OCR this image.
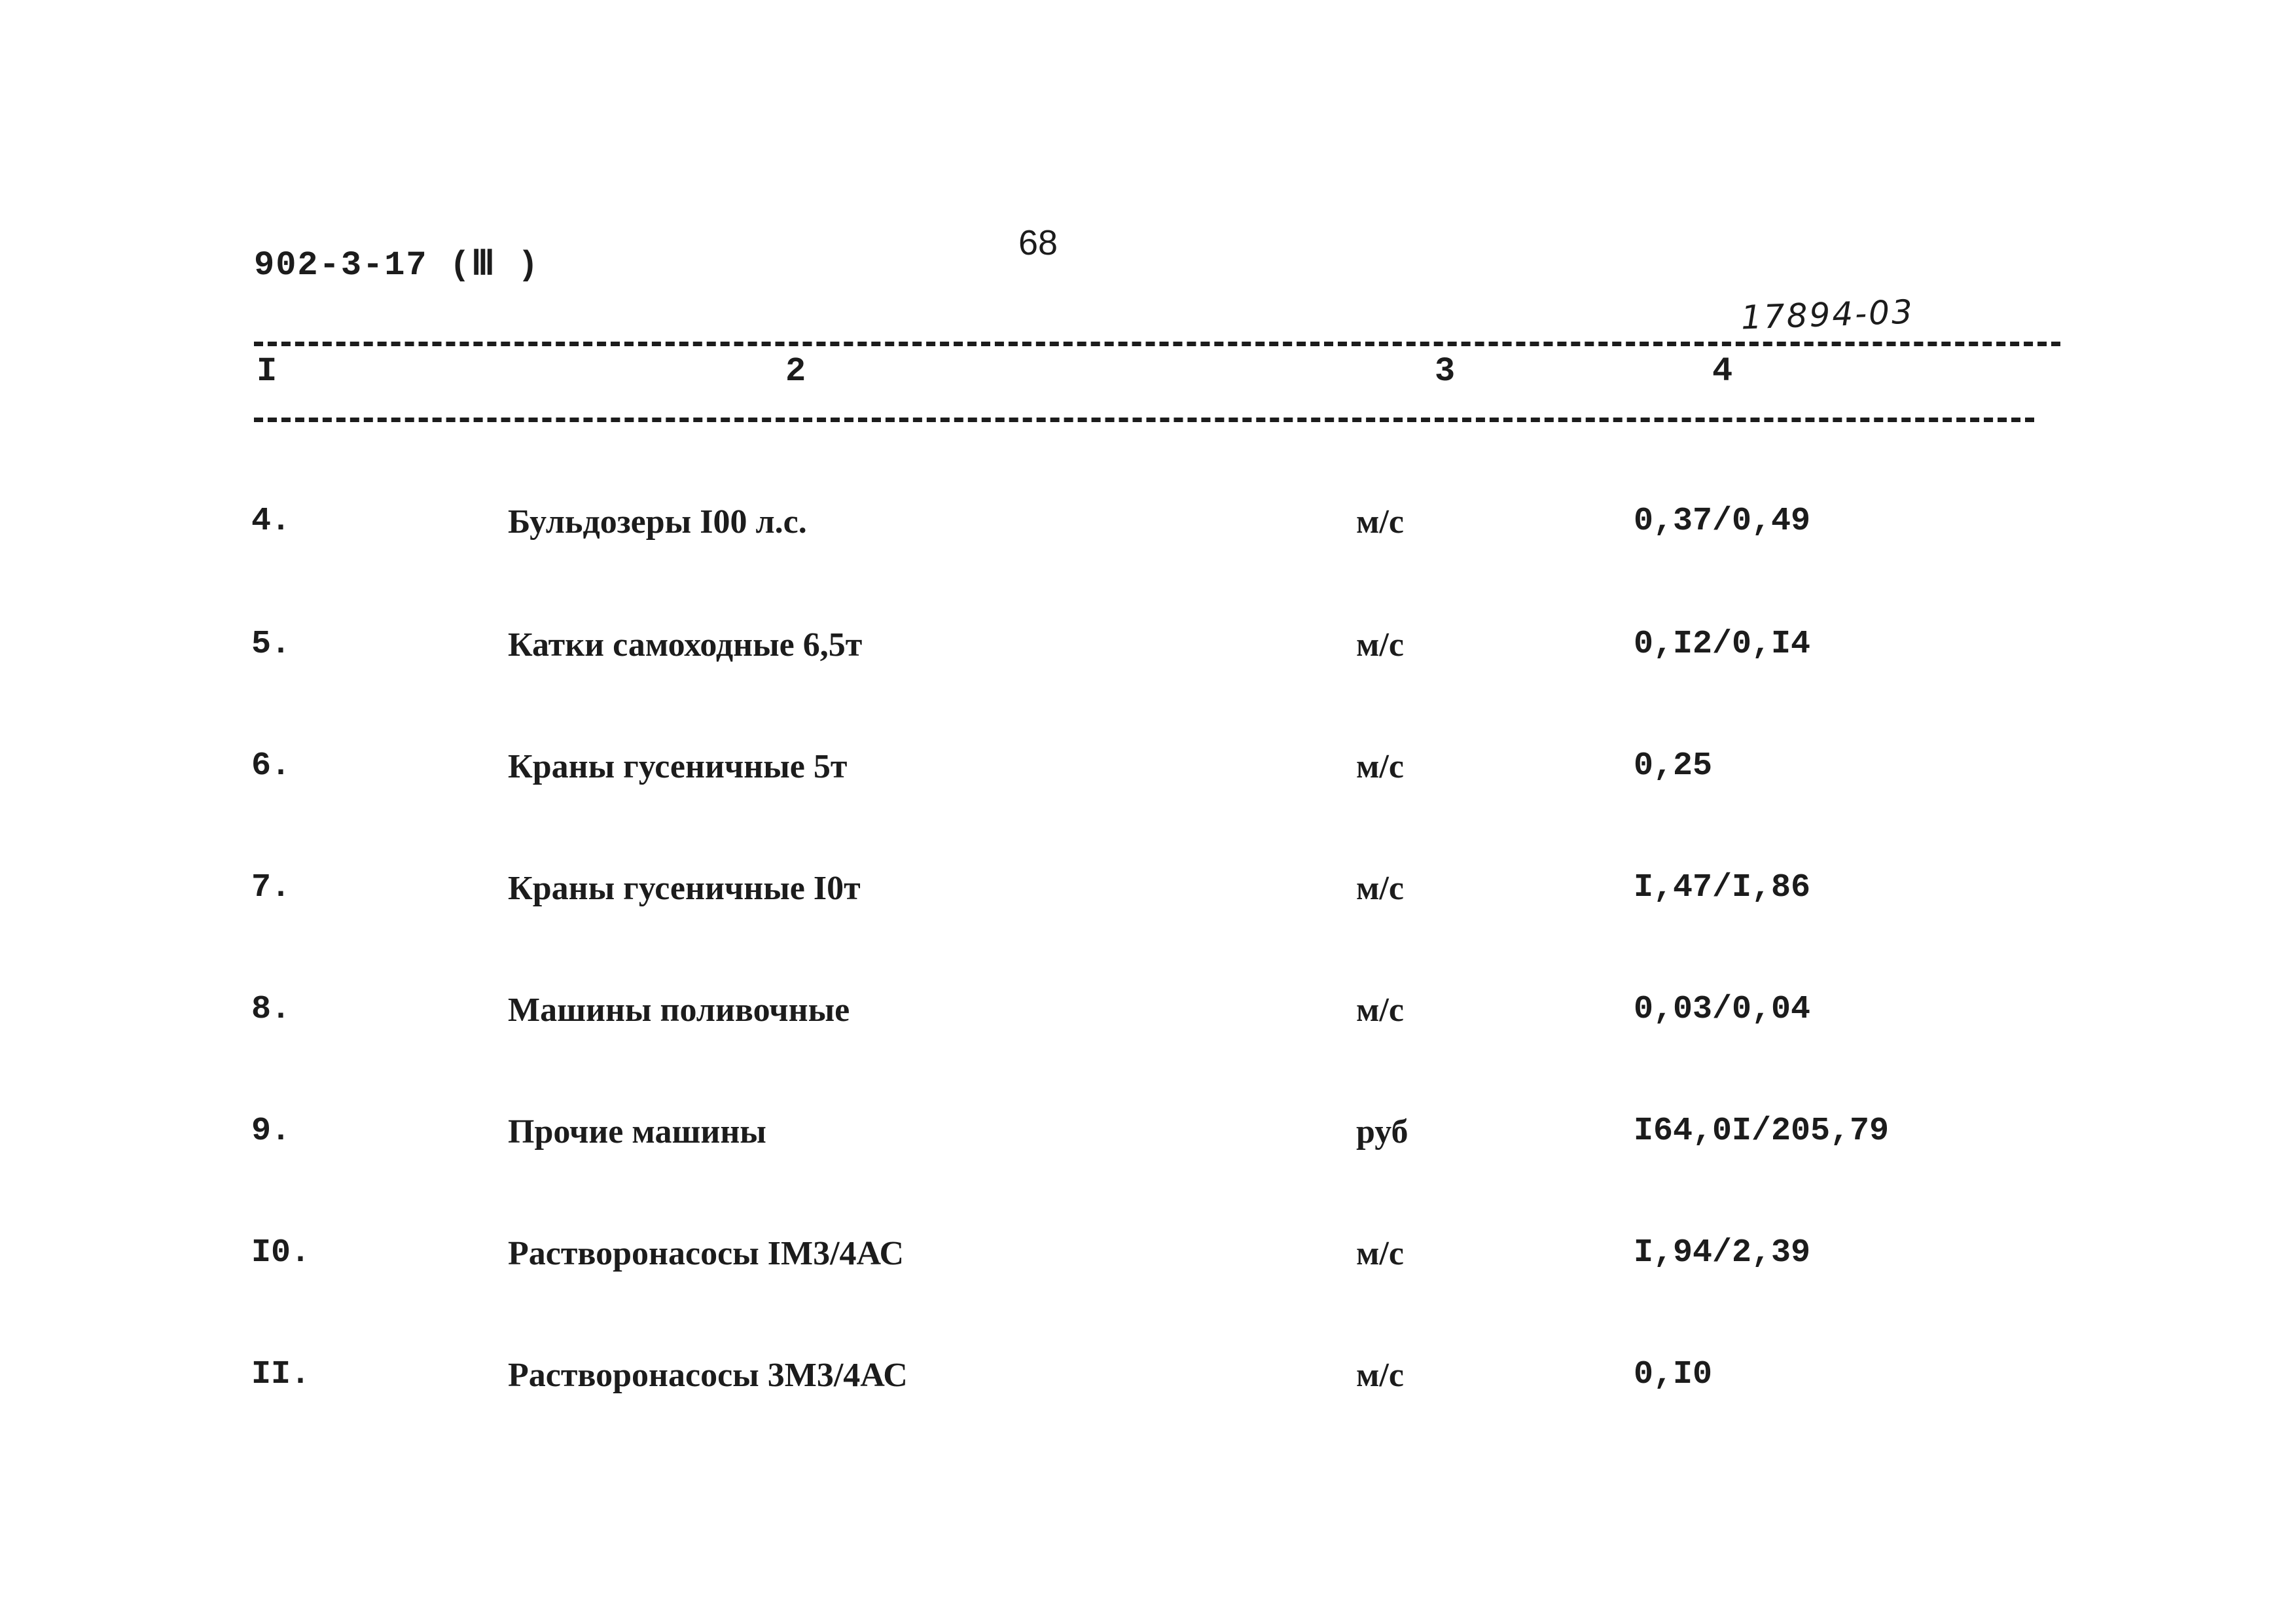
902-3-17 (Ⅲ )
68
17894-03
I	2	3	4
4.	Бульдозеры I00 л.с.	м/с	0,37/0,49
5.	Катки самоходные 6,5т	м/с	0,I2/0,I4
6.	Краны гусеничные 5т	м/с	0,25
7.	Краны гусеничные I0т	м/с	I,47/I,86
8.	Машины поливочные	м/с	0,03/0,04
9.	Прочие машины	руб	I64,0I/205,79
I0.	Растворонасосы IМ3/4АС	м/с	I,94/2,39
II.	Растворонасосы 3М3/4АС	м/с	0,I0
